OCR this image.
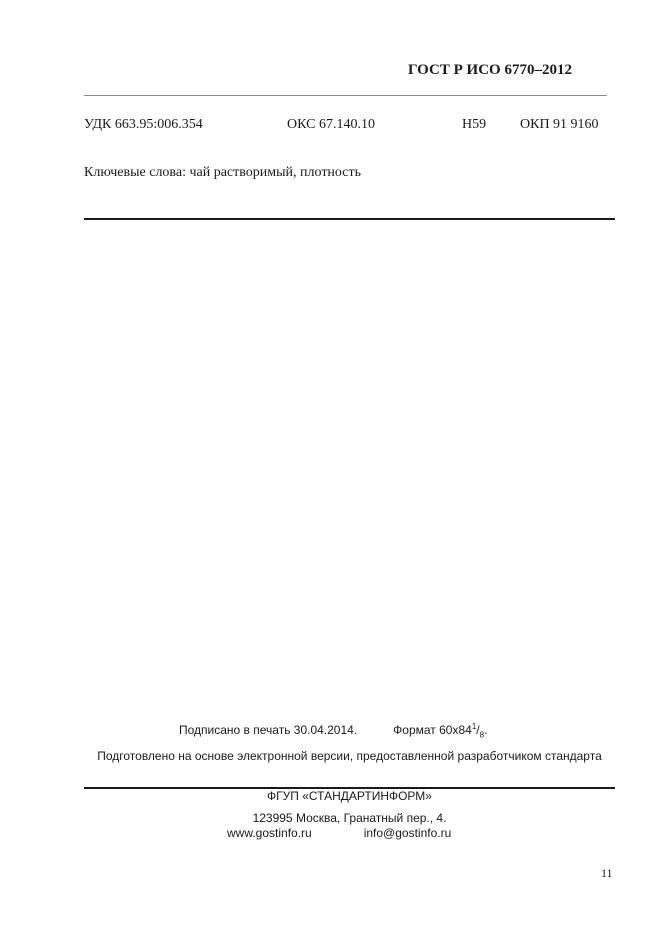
ГОСТ Р ИСО 6770–2012
УДК 663.95:006.354	ОКС 67.140.10	Н59 ОКП 91 9160
Ключевые слова: чай растворимый, плотность
Подписано в печать 30.04.2014.	Формат $60x84^1/_8$.
Подготовлено на основе электронной версии, предоставленной разработчиком стандарта
ФГУП «СТАНДАРТИНФОРМ»
123995 Москва, Гранатный пер., 4.
www.gostinfo.ru	info@gostinfo.ru
11
